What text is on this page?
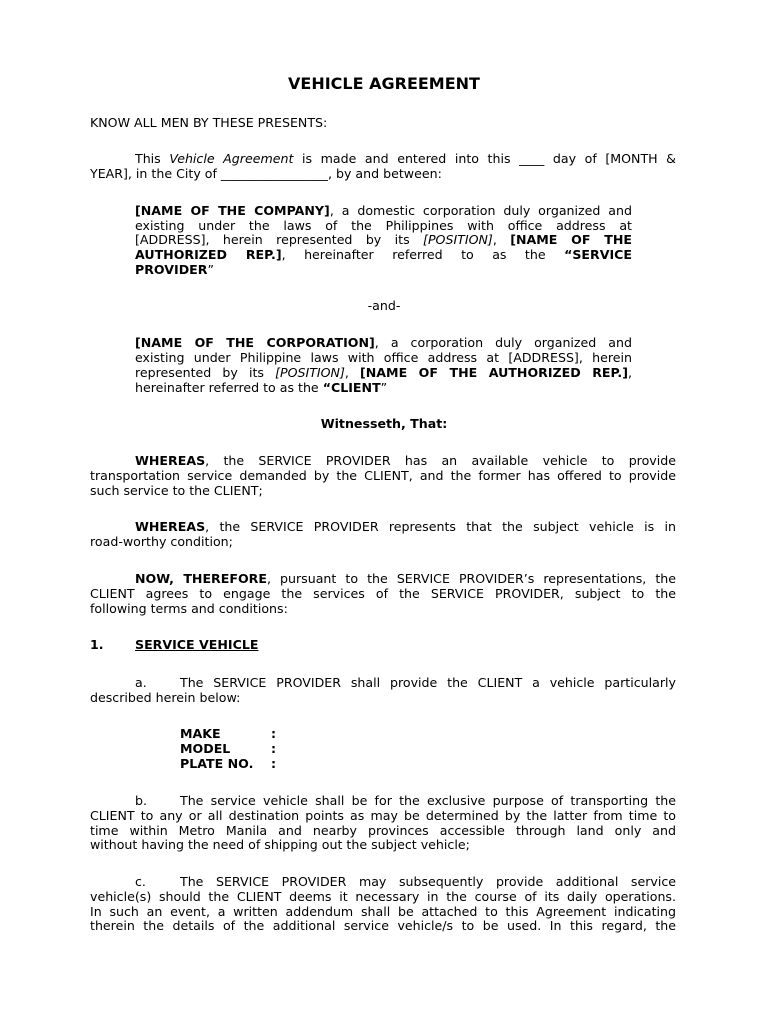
VEHICLE AGREEMENT
KNOW ALL MEN BY THESE PRESENTS:
This Vehicle Agreement is made and entered into this ____ day of [MONTH &
YEAR], in the City of _________________, by and between:
[NAME OF THE COMPANY], a domestic corporation duly organized and
existing under the laws of the Philippines with office address at
[ADDRESS], herein represented by its [POSITION], [NAME OF THE
AUTHORIZED REP.], hereinafter referred to as the “SERVICE
PROVIDER”
-and-
[NAME OF THE CORPORATION], a corporation duly organized and
existing under Philippine laws with office address at [ADDRESS], herein
represented by its [POSITION], [NAME OF THE AUTHORIZED REP.],
hereinafter referred to as the “CLIENT”
Witnesseth, That:
WHEREAS, the SERVICE PROVIDER has an available vehicle to provide
transportation service demanded by the CLIENT, and the former has offered to provide
such service to the CLIENT;
WHEREAS, the SERVICE PROVIDER represents that the subject vehicle is in
road-worthy condition;
NOW, THEREFORE, pursuant to the SERVICE PROVIDER’s representations, the
CLIENT agrees to engage the services of the SERVICE PROVIDER, subject to the
following terms and conditions:
1. SERVICE VEHICLE
a.	The SERVICE PROVIDER shall provide the CLIENT a vehicle particularly
described herein below:
MAKE	:
MODEL	:
PLATE NO. :
b.	The service vehicle shall be for the exclusive purpose of transporting the
CLIENT to any or all destination points as may be determined by the latter from time to
time within Metro Manila and nearby provinces accessible through land only and
without having the need of shipping out the subject vehicle;
c.	The SERVICE PROVIDER may subsequently provide additional service
vehicle(s) should the CLIENT deems it necessary in the course of its daily operations.
In such an event, a written addendum shall be attached to this Agreement indicating
therein the details of the additional service vehicle/s to be used. In this regard, the
